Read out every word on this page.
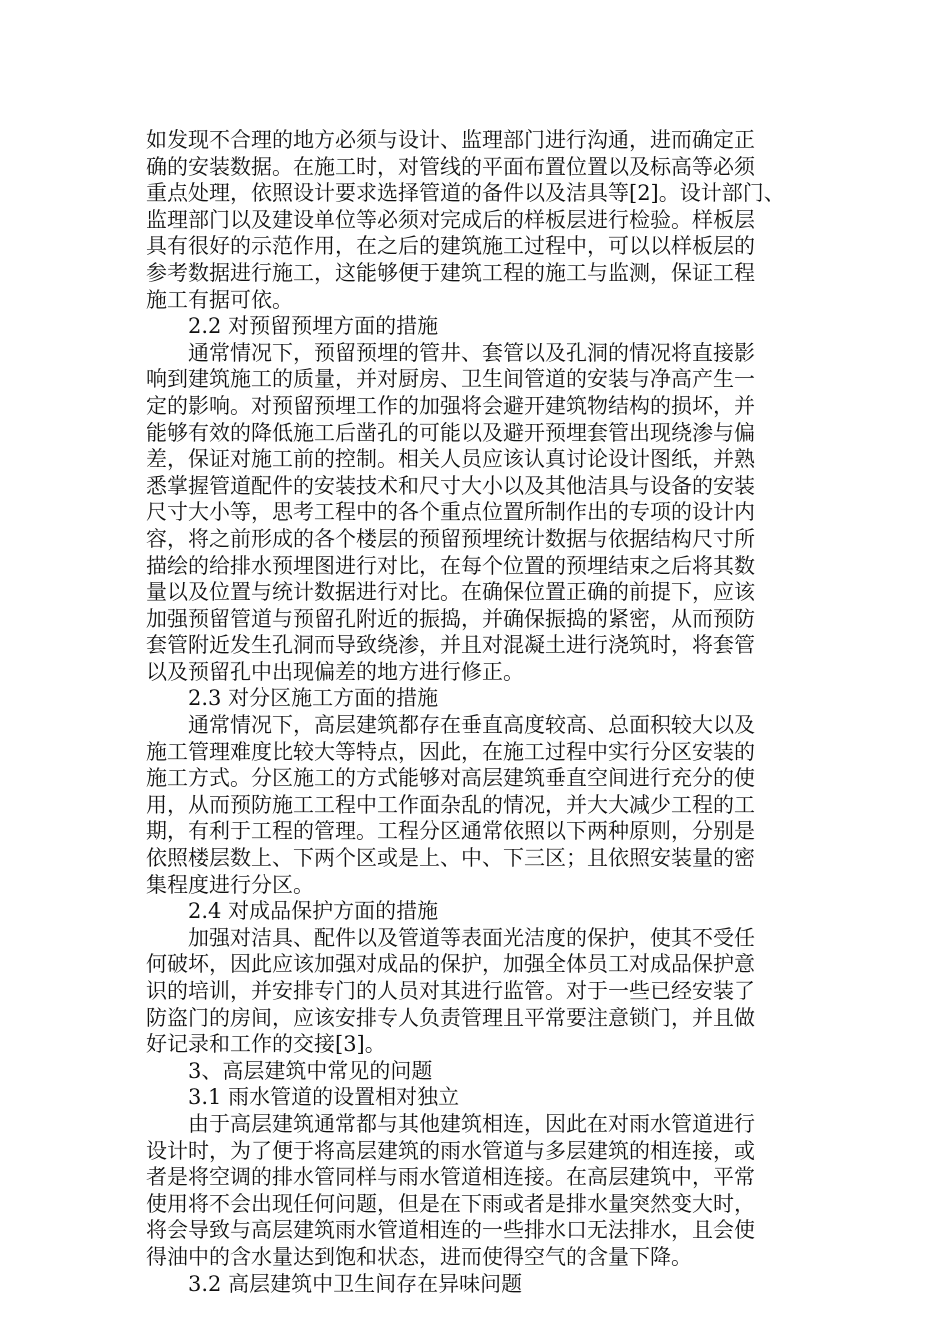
如发现不合理的地方必须与设计、监理部门进行沟通，进而确定正
确的安装数据。在施工时，对管线的平面布置位置以及标高等必须
重点处理，依照设计要求选择管道的备件以及洁具等[2]。设计部门、
监理部门以及建设单位等必须对完成后的样板层进行检验。样板层
具有很好的示范作用，在之后的建筑施工过程中，可以以样板层的
参考数据进行施工，这能够便于建筑工程的施工与监测，保证工程
施工有据可依。
2.2 对预留预埋方面的措施
通常情况下，预留预埋的管井、套管以及孔洞的情况将直接影
响到建筑施工的质量，并对厨房、卫生间管道的安装与净高产生一
定的影响。对预留预埋工作的加强将会避开建筑物结构的损坏，并
能够有效的降低施工后凿孔的可能以及避开预埋套管出现绕渗与偏
差，保证对施工前的控制。相关人员应该认真讨论设计图纸，并熟
悉掌握管道配件的安装技术和尺寸大小以及其他洁具与设备的安装
尺寸大小等，思考工程中的各个重点位置所制作出的专项的设计内
容，将之前形成的各个楼层的预留预埋统计数据与依据结构尺寸所
描绘的给排水预埋图进行对比，在每个位置的预埋结束之后将其数
量以及位置与统计数据进行对比。在确保位置正确的前提下，应该
加强预留管道与预留孔附近的振捣，并确保振捣的紧密，从而预防
套管附近发生孔洞而导致绕渗，并且对混凝土进行浇筑时，将套管
以及预留孔中出现偏差的地方进行修正。
2.3 对分区施工方面的措施
通常情况下，高层建筑都存在垂直高度较高、总面积较大以及
施工管理难度比较大等特点，因此，在施工过程中实行分区安装的
施工方式。分区施工的方式能够对高层建筑垂直空间进行充分的使
用，从而预防施工工程中工作面杂乱的情况，并大大减少工程的工
期，有利于工程的管理。工程分区通常依照以下两种原则，分别是
依照楼层数上、下两个区或是上、中、下三区；且依照安装量的密
集程度进行分区。
2.4 对成品保护方面的措施
加强对洁具、配件以及管道等表面光洁度的保护，使其不受任
何破坏，因此应该加强对成品的保护，加强全体员工对成品保护意
识的培训，并安排专门的人员对其进行监管。对于一些已经安装了
防盗门的房间，应该安排专人负责管理且平常要注意锁门，并且做
好记录和工作的交接[3]。
3、高层建筑中常见的问题
3.1 雨水管道的设置相对独立
由于高层建筑通常都与其他建筑相连，因此在对雨水管道进行
设计时，为了便于将高层建筑的雨水管道与多层建筑的相连接，或
者是将空调的排水管同样与雨水管道相连接。在高层建筑中，平常
使用将不会出现任何问题，但是在下雨或者是排水量突然变大时，
将会导致与高层建筑雨水管道相连的一些排水口无法排水，且会使
得油中的含水量达到饱和状态，进而使得空气的含量下降。
3.2 高层建筑中卫生间存在异味问题
